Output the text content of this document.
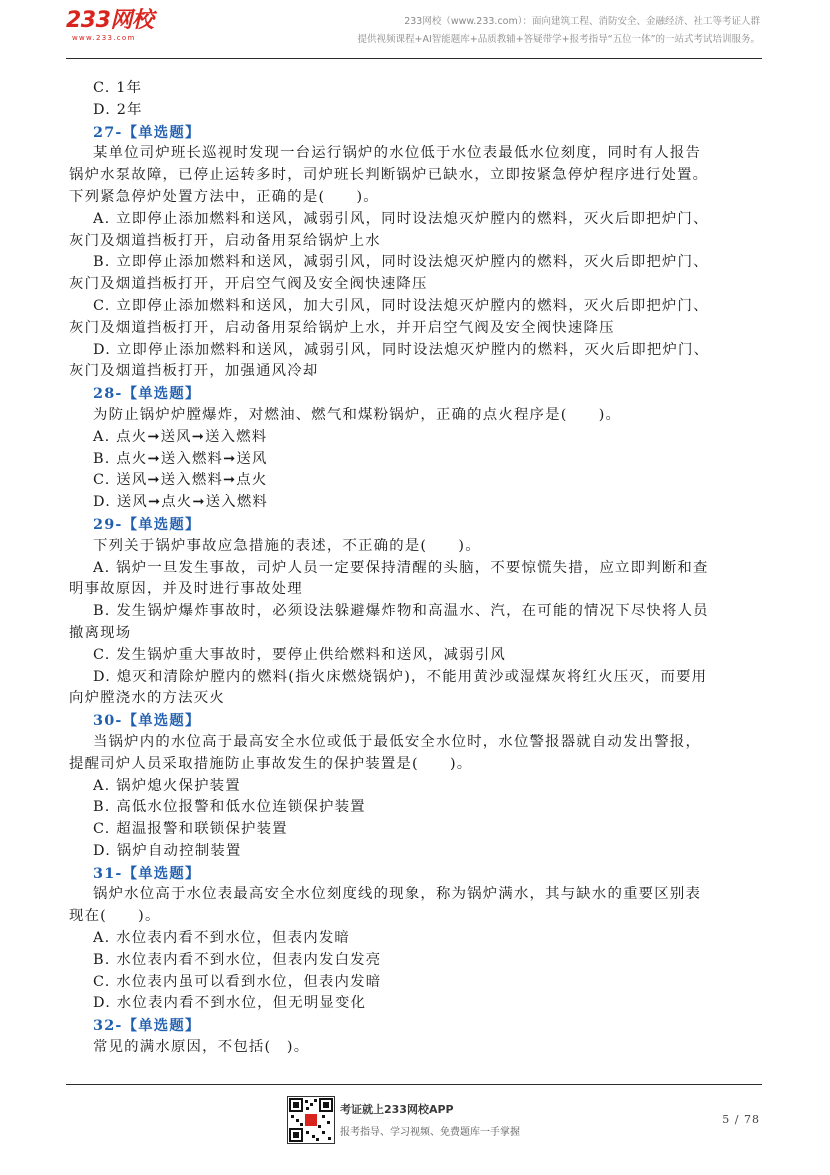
233网校
www.233.com
233网校（www.233.com）：面向建筑工程、消防安全、金融经济、社工等考证人群
提供视频课程+AI智能题库+品质教辅+答疑带学+报考指导“五位一体”的一站式考试培训服务。
C. 1年
D. 2年
27-【单选题】
某单位司炉班长巡视时发现一台运行锅炉的水位低于水位表最低水位刻度，同时有人报告
锅炉水泵故障，已停止运转多时，司炉班长判断锅炉已缺水，立即按紧急停炉程序进行处置。
下列紧急停炉处置方法中，正确的是(　　)。
A. 立即停止添加燃料和送风，减弱引风，同时设法熄灭炉膛内的燃料，灭火后即把炉门、
灰门及烟道挡板打开，启动备用泵给锅炉上水
B. 立即停止添加燃料和送风，减弱引风，同时设法熄灭炉膛内的燃料，灭火后即把炉门、
灰门及烟道挡板打开，开启空气阀及安全阀快速降压
C. 立即停止添加燃料和送风，加大引风，同时设法熄灭炉膛内的燃料，灭火后即把炉门、
灰门及烟道挡板打开，启动备用泵给锅炉上水，并开启空气阀及安全阀快速降压
D. 立即停止添加燃料和送风，减弱引风，同时设法熄灭炉膛内的燃料，灭火后即把炉门、
灰门及烟道挡板打开，加强通风冷却
28-【单选题】
为防止锅炉炉膛爆炸，对燃油、燃气和煤粉锅炉，正确的点火程序是(　　)。
A. 点火➞送风➞送入燃料
B. 点火➞送入燃料➞送风
C. 送风➞送入燃料➞点火
D. 送风➞点火➞送入燃料
29-【单选题】
下列关于锅炉事故应急措施的表述，不正确的是(　　)。
A. 锅炉一旦发生事故，司炉人员一定要保持清醒的头脑，不要惊慌失措，应立即判断和查
明事故原因，并及时进行事故处理
B. 发生锅炉爆炸事故时，必须设法躲避爆炸物和高温水、汽，在可能的情况下尽快将人员
撤离现场
C. 发生锅炉重大事故时，要停止供给燃料和送风，减弱引风
D. 熄灭和清除炉膛内的燃料(指火床燃烧锅炉)，不能用黄沙或湿煤灰将红火压灭，而要用
向炉膛浇水的方法灭火
30-【单选题】
当锅炉内的水位高于最高安全水位或低于最低安全水位时，水位警报器就自动发出警报，
提醒司炉人员采取措施防止事故发生的保护装置是(　　)。
A. 锅炉熄火保护装置
B. 高低水位报警和低水位连锁保护装置
C. 超温报警和联锁保护装置
D. 锅炉自动控制装置
31-【单选题】
锅炉水位高于水位表最高安全水位刻度线的现象，称为锅炉满水，其与缺水的重要区别表
现在(　　)。
A. 水位表内看不到水位，但表内发暗
B. 水位表内看不到水位，但表内发白发亮
C. 水位表内虽可以看到水位，但表内发暗
D. 水位表内看不到水位，但无明显变化
32-【单选题】
常见的满水原因，不包括(　)。
考证就上233网校APP
报考指导、学习视频、免费题库一手掌握
5 / 78
